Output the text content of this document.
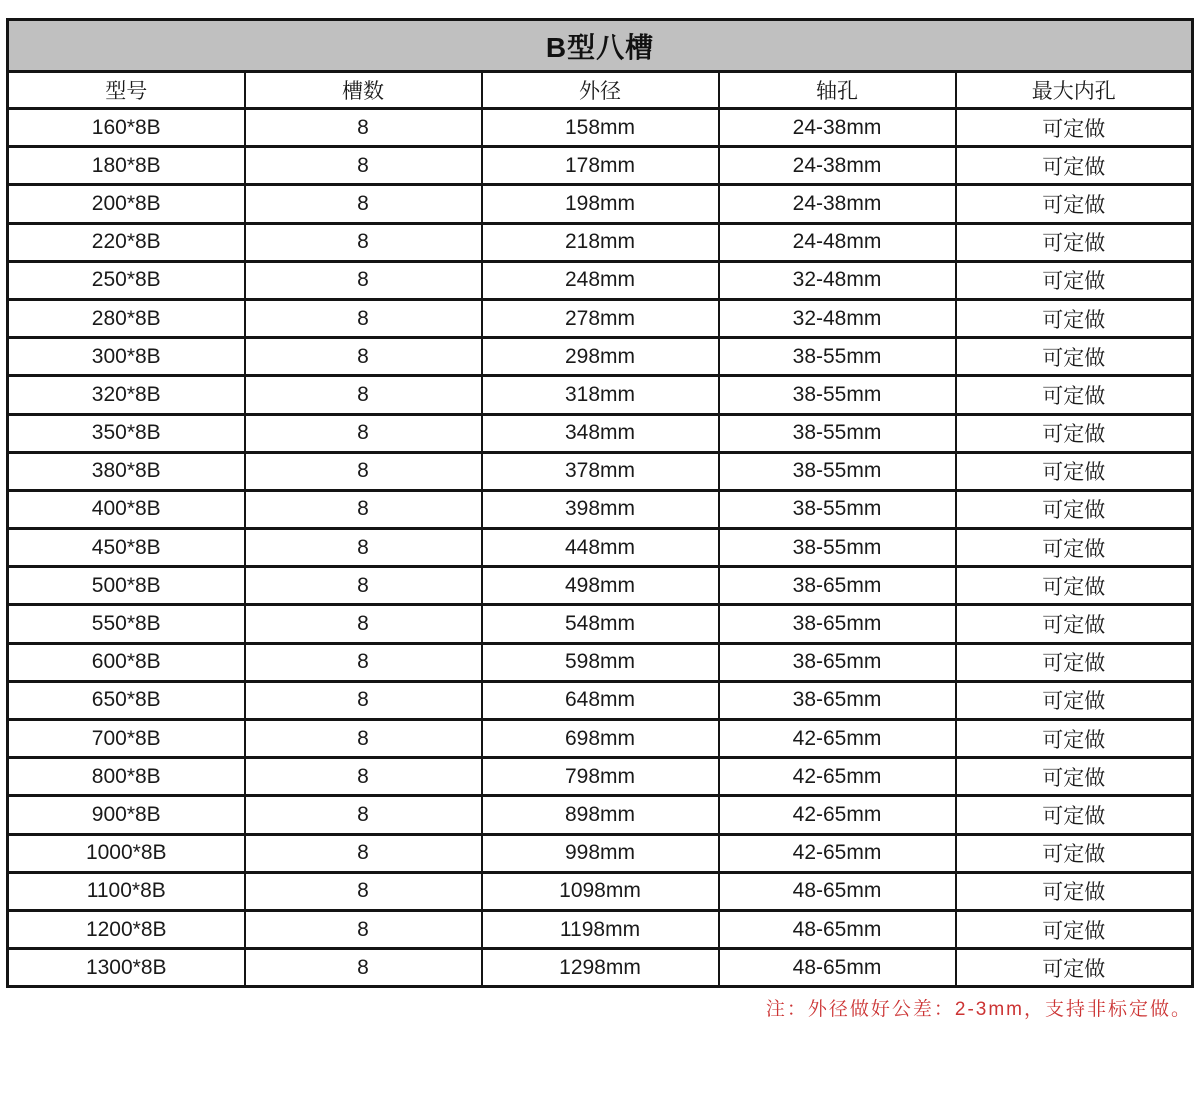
B型八槽				
型号	槽数	外径	轴孔	最大内孔
160*8B	8	158mm	24-38mm	可定做
180*8B	8	178mm	24-38mm	可定做
200*8B	8	198mm	24-38mm	可定做
220*8B	8	218mm	24-48mm	可定做
250*8B	8	248mm	32-48mm	可定做
280*8B	8	278mm	32-48mm	可定做
300*8B	8	298mm	38-55mm	可定做
320*8B	8	318mm	38-55mm	可定做
350*8B	8	348mm	38-55mm	可定做
380*8B	8	378mm	38-55mm	可定做
400*8B	8	398mm	38-55mm	可定做
450*8B	8	448mm	38-55mm	可定做
500*8B	8	498mm	38-65mm	可定做
550*8B	8	548mm	38-65mm	可定做
600*8B	8	598mm	38-65mm	可定做
650*8B	8	648mm	38-65mm	可定做
700*8B	8	698mm	42-65mm	可定做
800*8B	8	798mm	42-65mm	可定做
900*8B	8	898mm	42-65mm	可定做
1000*8B	8	998mm	42-65mm	可定做
1100*8B	8	1098mm	48-65mm	可定做
1200*8B	8	1198mm	48-65mm	可定做
1300*8B	8	1298mm	48-65mm	可定做
注：外径做好公差：2-3mm，支持非标定做。
